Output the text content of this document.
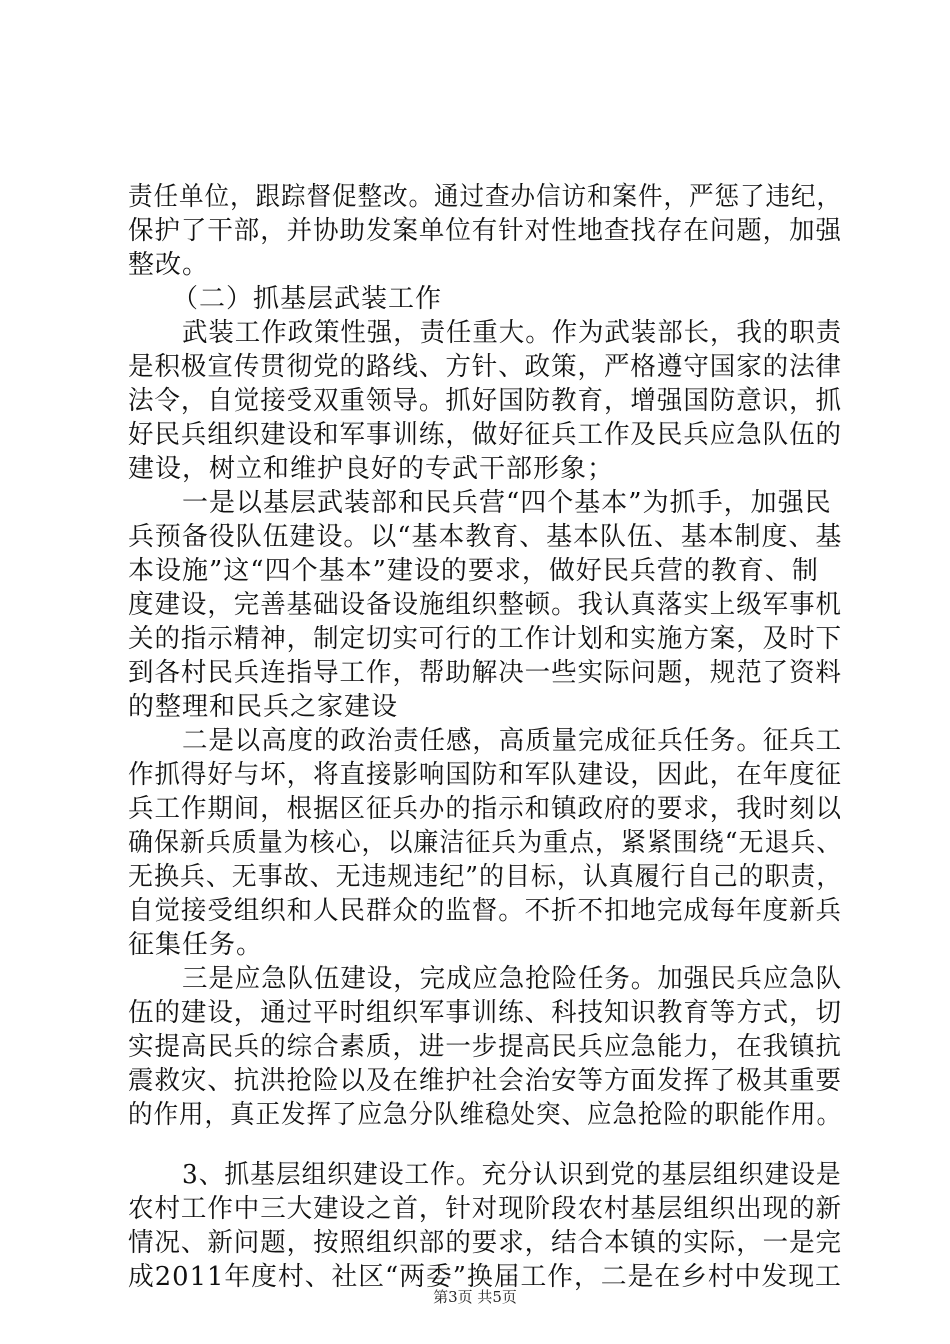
责任单位，跟踪督促整改。通过查办信访和案件，严惩了违纪，
保护了干部，并协助发案单位有针对性地查找存在问题，加强
整改。
（二）抓基层武装工作
武装工作政策性强，责任重大。作为武装部长，我的职责
是积极宣传贯彻党的路线、方针、政策，严格遵守国家的法律
法令，自觉接受双重领导。抓好国防教育，增强国防意识，抓
好民兵组织建设和军事训练，做好征兵工作及民兵应急队伍的
建设，树立和维护良好的专武干部形象；
一是以基层武装部和民兵营“四个基本”为抓手，加强民
兵预备役队伍建设。以“基本教育、基本队伍、基本制度、基
本设施”这“四个基本”建设的要求，做好民兵营的教育、制
度建设，完善基础设备设施组织整顿。我认真落实上级军事机
关的指示精神，制定切实可行的工作计划和实施方案，及时下
到各村民兵连指导工作，帮助解决一些实际问题，规范了资料
的整理和民兵之家建设
二是以高度的政治责任感，高质量完成征兵任务。征兵工
作抓得好与坏，将直接影响国防和军队建设，因此，在年度征
兵工作期间，根据区征兵办的指示和镇政府的要求，我时刻以
确保新兵质量为核心，以廉洁征兵为重点，紧紧围绕“无退兵、
无换兵、无事故、无违规违纪”的目标，认真履行自己的职责，
自觉接受组织和人民群众的监督。不折不扣地完成每年度新兵
征集任务。
三是应急队伍建设，完成应急抢险任务。加强民兵应急队
伍的建设，通过平时组织军事训练、科技知识教育等方式，切
实提高民兵的综合素质，进一步提高民兵应急能力，在我镇抗
震救灾、抗洪抢险以及在维护社会治安等方面发挥了极其重要
的作用，真正发挥了应急分队维稳处突、应急抢险的职能作用。
3、抓基层组织建设工作。充分认识到党的基层组织建设是
农村工作中三大建设之首，针对现阶段农村基层组织出现的新
情况、新问题，按照组织部的要求，结合本镇的实际，一是完
成2011年度村、社区“两委”换届工作，二是在乡村中发现工
第3页 共5页
